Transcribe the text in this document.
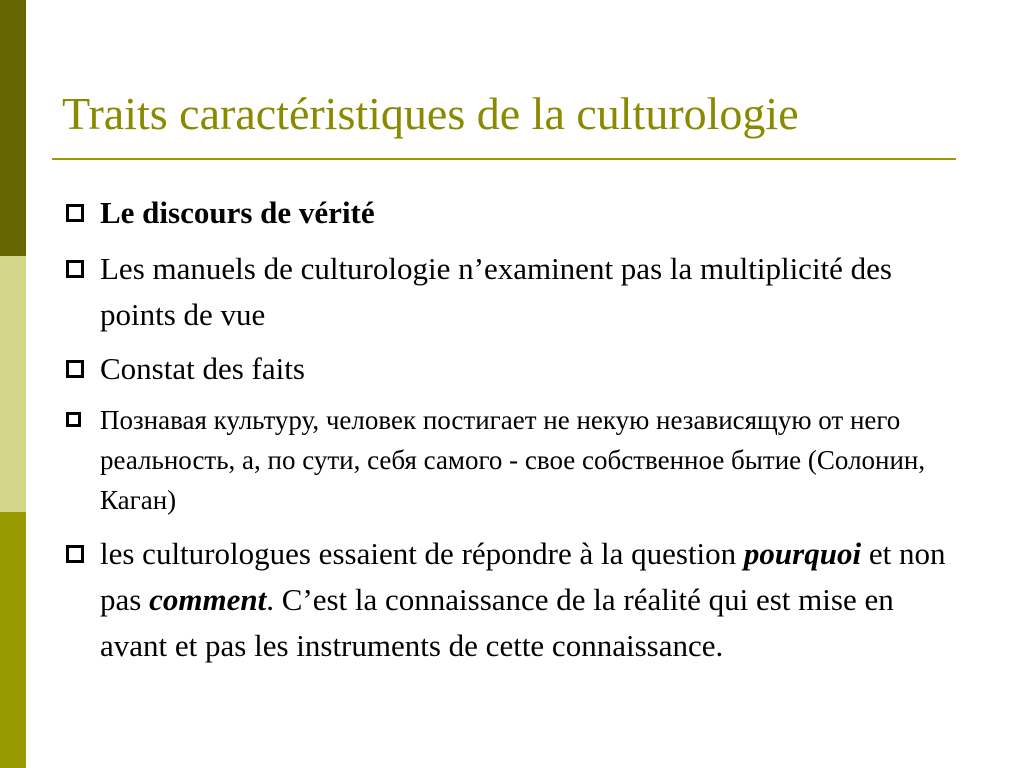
Traits caractéristiques de la culturologie
Le discours de vérité
Les manuels de culturologie n’examinent pas la multiplicité des points de vue
Constat des faits
Познавая культуру, человек постигает не некую независящую от него реальность, а, по сути, себя самого - свое собственное бытие (Солонин, Каган)
les culturologues essaient de répondre à la question pourquoi et non pas comment. C’est la connaissance de la réalité qui est mise en avant et pas les instruments de cette connaissance.
